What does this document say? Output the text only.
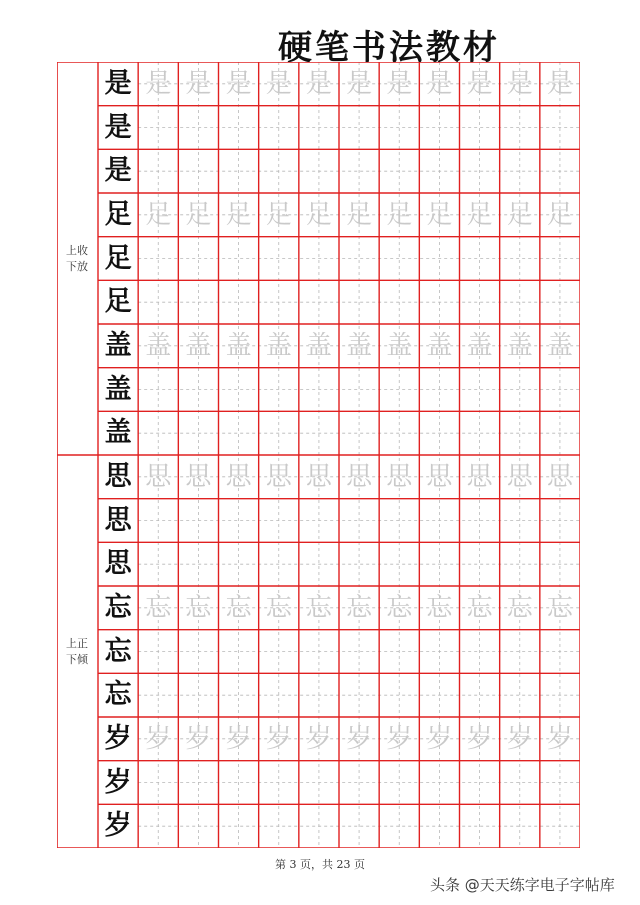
硬笔书法教材
上收
下放
是 是 是 是 是 是 是 是 是 是 是 是
是
是
足 足 足 足 足 足 足 足 足 足 足 足
足
足
盖 盖 盖 盖 盖 盖 盖 盖 盖 盖 盖 盖
盖
盖
上正
下倾
思 思 思 思 思 思 思 思 思 思 思 思
思
思
忘 忘 忘 忘 忘 忘 忘 忘 忘 忘 忘 忘
忘
忘
岁 岁 岁 岁 岁 岁 岁 岁 岁 岁 岁 岁
岁
岁
第 3 页，共 23 页
头条 @天天练字电子字帖库
